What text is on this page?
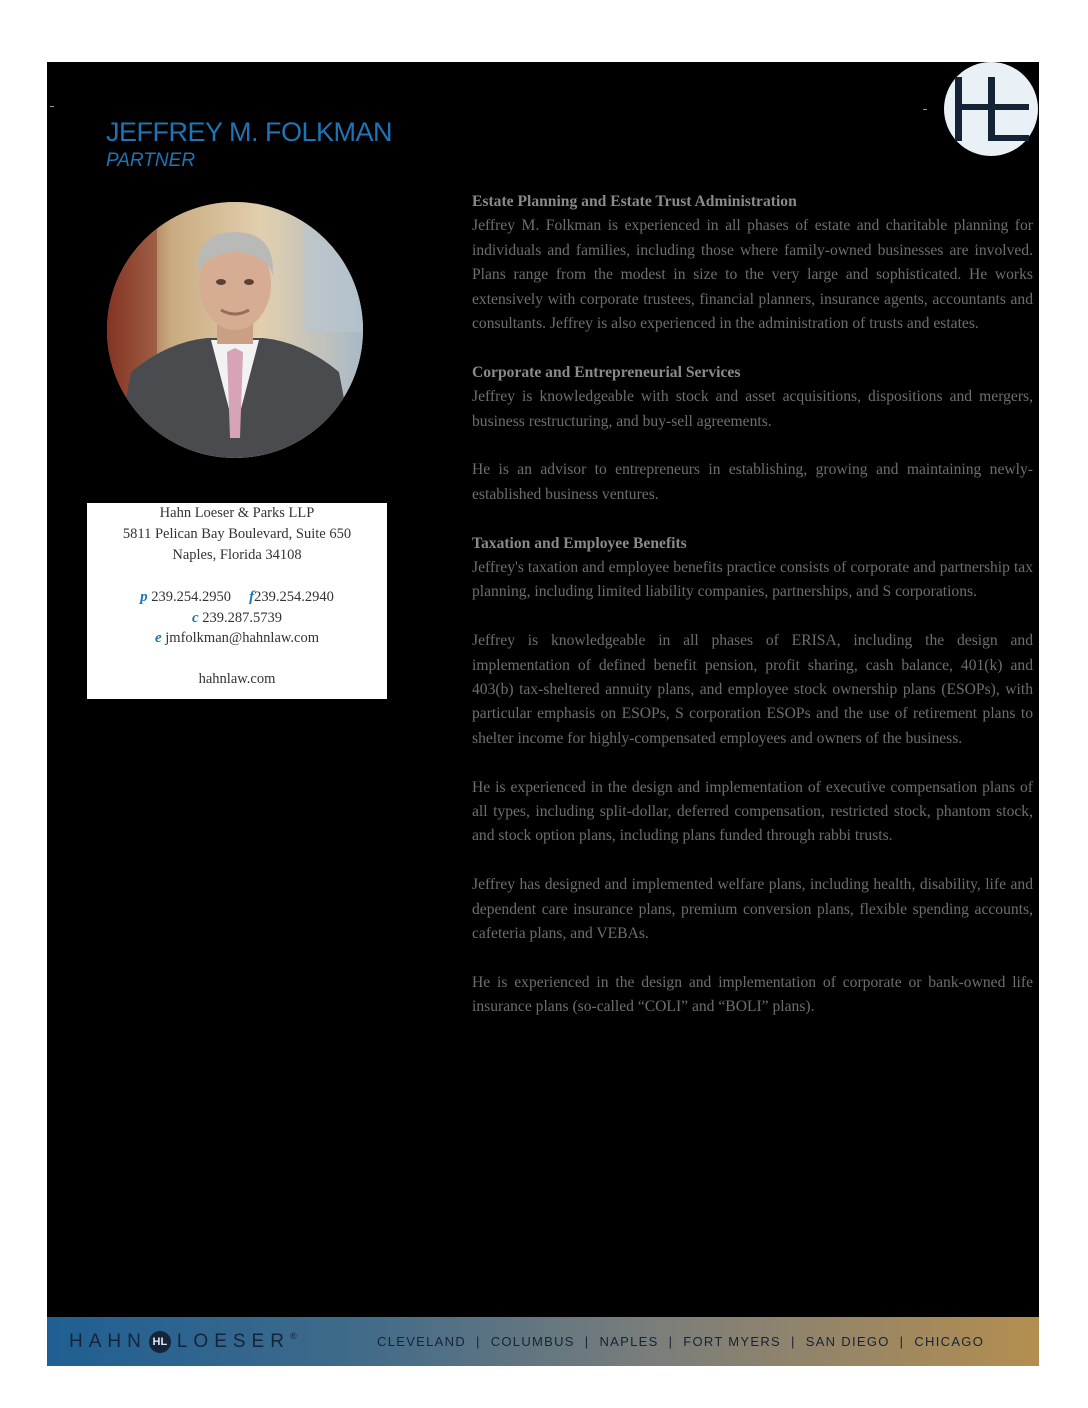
JEFFREY M. FOLKMAN
PARTNER
Hahn Loeser & Parks LLP
5811 Pelican Bay Boulevard, Suite 650
Naples, Florida 34108
p 239.254.2950 f239.254.2940
c 239.287.5739
e jmfolkman@hahnlaw.com
hahnlaw.com
Estate Planning and Estate Trust Administration

Jeffrey M. Folkman is experienced in all phases of estate and charitable planning for individuals and families, including those where family-owned businesses are involved. Plans range from the modest in size to the very large and sophisticated. He works extensively with corporate trustees, financial planners, insurance agents, accountants and consultants. Jeffrey is also experienced in the administration of trusts and estates.

Corporate and Entrepreneurial Services

Jeffrey is knowledgeable with stock and asset acquisitions, dispositions and mergers, business restructuring, and buy-sell agreements.

He is an advisor to entrepreneurs in establishing, growing and maintaining newly-established business ventures.

Taxation and Employee Benefits

Jeffrey's taxation and employee benefits practice consists of corporate and partnership tax planning, including limited liability companies, partnerships, and S corporations.

Jeffrey is knowledgeable in all phases of ERISA, including the design and implementation of defined benefit pension, profit sharing, cash balance, 401(k) and 403(b) tax-sheltered annuity plans, and employee stock ownership plans (ESOPs), with particular emphasis on ESOPs, S corporation ESOPs and the use of retirement plans to shelter income for highly-compensated employees and owners of the business.

He is experienced in the design and implementation of executive compensation plans of all types, including split-dollar, deferred compensation, restricted stock, phantom stock, and stock option plans, including plans funded through rabbi trusts.

Jeffrey has designed and implemented welfare plans, including health, disability, life and dependent care insurance plans, premium conversion plans, flexible spending accounts, cafeteria plans, and VEBAs.

He is experienced in the design and implementation of corporate or bank-owned life insurance plans (so-called “COLI” and “BOLI” plans).

HAHN HL LOESER ®	CLEVELAND | COLUMBUS | NAPLES | FORT MYERS | SAN DIEGO | CHICAGO
